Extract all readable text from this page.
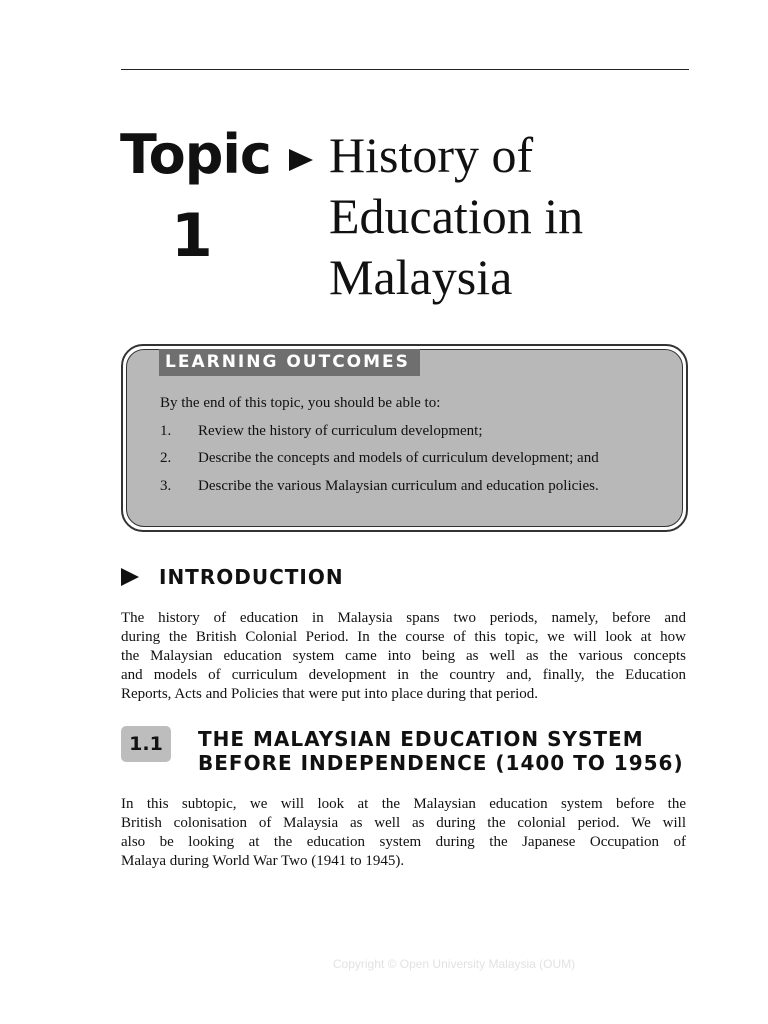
Topic
1
History of
Education in
Malaysia
LEARNING OUTCOMES
By the end of this topic, you should be able to:
1. Review the history of curriculum development;
2. Describe the concepts and models of curriculum development; and
3. Describe the various Malaysian curriculum and education policies.
INTRODUCTION
The history of education in Malaysia spans two periods, namely, before and
during the British Colonial Period. In the course of this topic, we will look at how
the Malaysian education system came into being as well as the various concepts
and models of curriculum development in the country and, finally, the Education
Reports, Acts and Policies that were put into place during that period.
1.1	THE MALAYSIAN EDUCATION SYSTEM
BEFORE INDEPENDENCE (1400 TO 1956)
In this subtopic, we will look at the Malaysian education system before the
British colonisation of Malaysia as well as during the colonial period. We will
also be looking at the education system during the Japanese Occupation of
Malaya during World War Two (1941 to 1945).
Copyright © Open University Malaysia (OUM)
